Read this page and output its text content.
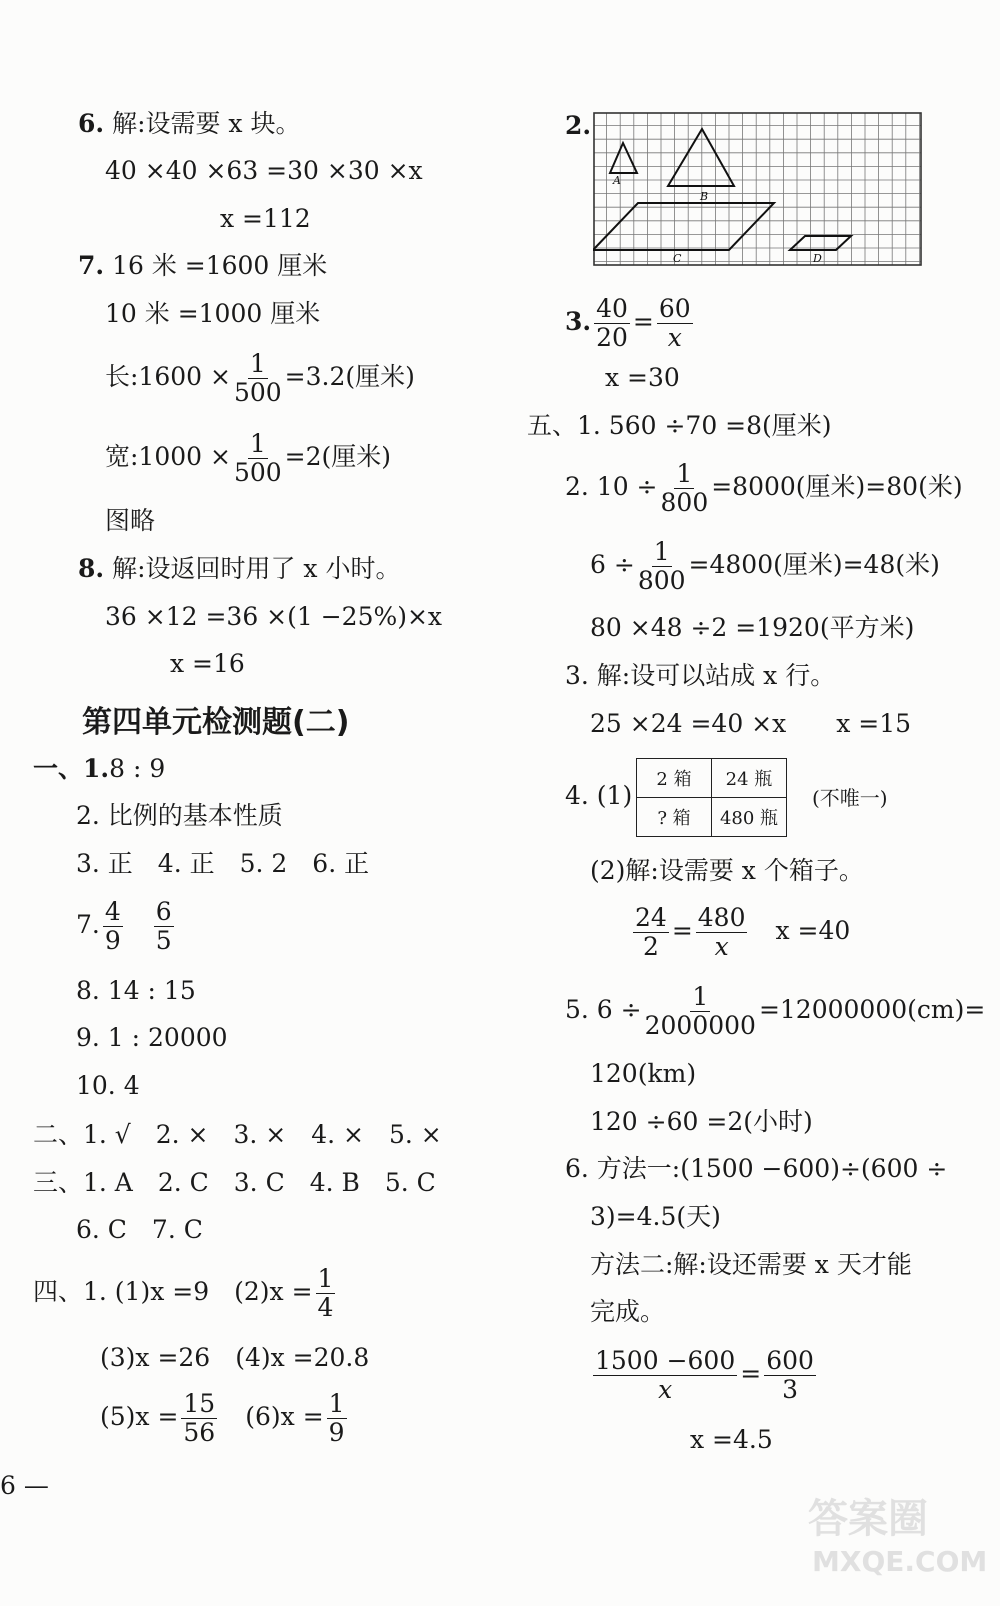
6. 解:设需要 x 块。
40 ×40 ×63 =30 ×30 ×x
x =112
7. 16 米 =1600 厘米
10 米 =1000 厘米
长:1600 × $\frac{1}{500} =3.2$(厘米)
宽:1000 × $\frac{1}{500} =2$(厘米)
图略
8. 解:设返回时用了 x 小时。
36 ×12 =36 ×(1 −25%)×x
x =16
第四单元检测题(二)
一、1.8 : 9
2. 比例的基本性质
3. 正　4. 正　5. 2　6. 正
7. $\frac{4}{9}$
　 $\frac{6}{5}$
8. 14 : 15
9. 1 : 20000
10. 4
二、1. √　2. ×　3. ×　4. ×　5. ×
三、1. A　2. C　3. C　4. B　5. C
6. C　7. C
四、1. (1)x =9　$(2)x = \frac{1}{4}$
(3)x =26　(4)x =20.8
$(5)x = \frac{15}{56}$
　 $(6)x = \frac{1}{9}$
6 —
2.
A
B
C	D
3. $\frac{40}{20} = \frac{60}{x}$
x =30
五、1. 560 ÷70 =8(厘米)
2. $10 \div \frac{1}{800} =8000$(厘米)=80(米)
$6 \div \frac{1}{800} =4800$(厘米)=48(米)
80 ×48 ÷2 =1920(平方米)
3. 解:设可以站成 x 行。
25 ×24 =40 ×x　　x =15
4. (1)
2 箱	24 瓶
? 箱	480 瓶
(不唯一)
(2)解:设需要 x 个箱子。
$\frac{24}{2} = \frac{480}{x}$
　 x =40
5. $6 \div \frac{1}{2000000} =12000000(cm)=$
120(km)
120 ÷60 =2(小时)
6. 方法一:(1500 −600)÷(600 ÷
3)=4.5(天)
方法二:解:设还需要 x 天才能
完成。
$\frac{1500 -600}{x} = \frac{600}{3}$
x =4.5
答案圈
MXQE.COM
